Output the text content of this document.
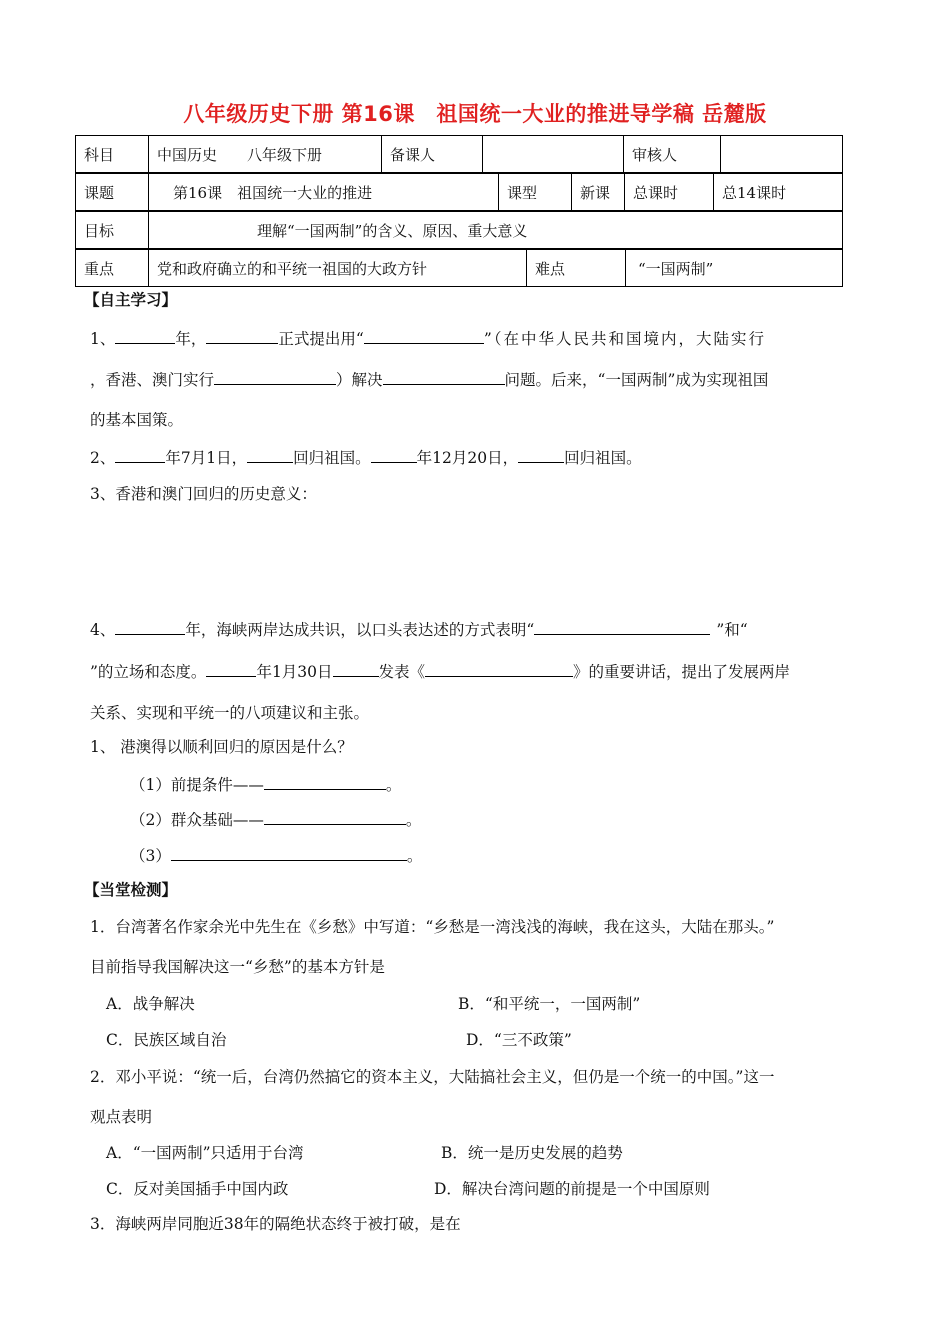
八年级历史下册 第16课　祖国统一大业的推进导学稿 岳麓版
科目	中国历史　　八年级下册	备课人		审核人	
课题	第16课　祖国统一大业的推进	课型	新课	总课时	总14课时
目标	理解“一国两制”的含义、原因、重大意义
重点	党和政府确立的和平统一祖国的大政方针	难点	“一国两制”
【自主学习】
1、	年，	正式提出用“	”（在中华人民共和国境内，大陆实行
，香港、澳门实行	）解决	问题。后来，“一国两制”成为实现祖国
的基本国策。
2、	年7月1日，	回归祖国。	年12月20日，	回归祖国。
3、香港和澳门回归的历史意义：
4、	年，海峡两岸达成共识，以口头表达述的方式表明“	”和“
”的立场和态度。	年1月30日	发表《	》的重要讲话，提出了发展两岸
关系、实现和平统一的八项建议和主张。
1、 港澳得以顺利回归的原因是什么？
（1）前提条件——	。
（2）群众基础——	。
（3）	。
【当堂检测】
1．台湾著名作家余光中先生在《乡愁》中写道：“乡愁是一湾浅浅的海峡，我在这头，大陆在那头。”
目前指导我国解决这一“乡愁”的基本方针是
A．战争解决	B．“和平统一，一国两制”
C．民族区域自治	D．“三不政策”
2．邓小平说：“统一后，台湾仍然搞它的资本主义，大陆搞社会主义，但仍是一个统一的中国。”这一
观点表明
A．“一国两制”只适用于台湾	B．统一是历史发展的趋势
C．反对美国插手中国内政	D．解决台湾问题的前提是一个中国原则
3．海峡两岸同胞近38年的隔绝状态终于被打破，是在
